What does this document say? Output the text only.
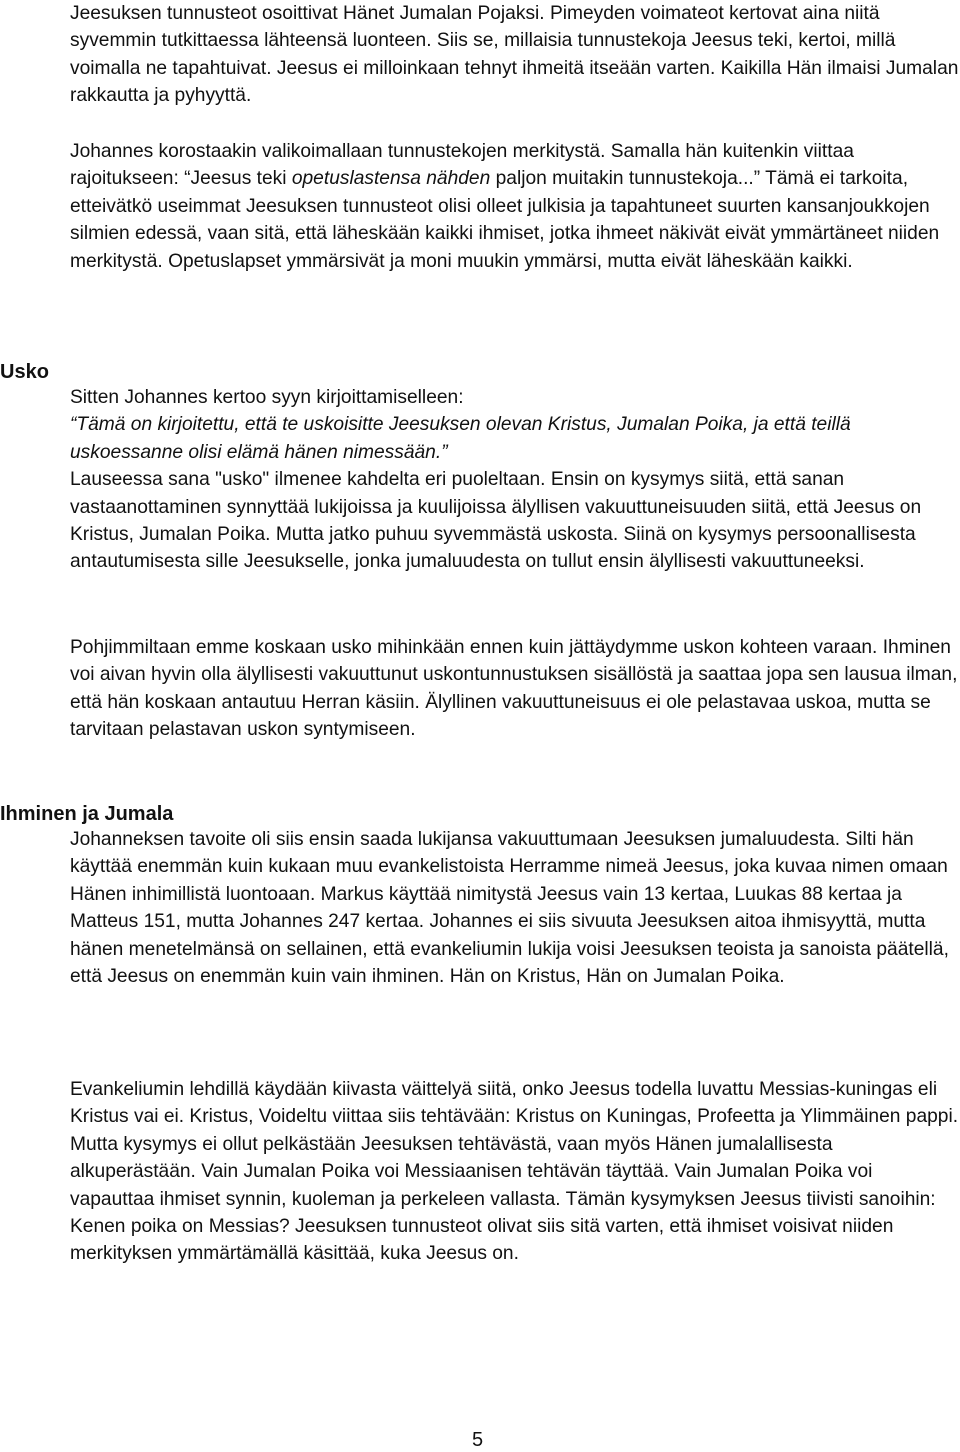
Jeesuksen tunnusteot osoittivat Hänet Jumalan Pojaksi. Pimeyden voimateot kertovat aina niitä syvemmin tutkittaessa lähteensä luonteen. Siis se, millaisia tunnustekoja Jeesus teki, kertoi, millä voimalla ne tapahtuivat. Jeesus ei milloinkaan tehnyt ihmeitä itseään varten. Kaikilla Hän ilmaisi Jumalan rakkautta ja pyhyyttä.

Johannes korostaakin valikoimallaan tunnustekojen merkitystä. Samalla hän kuitenkin viittaa rajoitukseen: “Jeesus teki opetuslastensa nähden paljon muitakin tunnustekoja...” Tämä ei tarkoita, etteivätkö useimmat Jeesuksen tunnusteot olisi olleet julkisia ja tapahtuneet suurten kansanjoukkojen silmien edessä, vaan sitä, että läheskään kaikki ihmiset, jotka ihmeet näkivät eivät ymmärtäneet niiden merkitystä. Opetuslapset ymmärsivät ja moni muukin ymmärsi, mutta eivät läheskään kaikki.

Usko

Sitten Johannes kertoo syyn kirjoittamiselleen:
“Tämä on kirjoitettu, että te uskoisitte Jeesuksen olevan Kristus, Jumalan Poika, ja että teillä uskoessanne olisi elämä hänen nimessään.”
Lauseessa sana "usko" ilmenee kahdelta eri puoleltaan. Ensin on kysymys siitä, että sanan vastaanottaminen synnyttää lukijoissa ja kuulijoissa älyllisen vakuuttuneisuuden siitä, että Jeesus on Kristus, Jumalan Poika. Mutta jatko puhuu syvemmästä uskosta. Siinä on kysymys persoonallisesta antautumisesta sille Jeesukselle, jonka jumaluudesta on tullut ensin älyllisesti vakuuttuneeksi.

Pohjimmiltaan emme koskaan usko mihinkään ennen kuin jättäydymme uskon kohteen varaan. Ihminen voi aivan hyvin olla älyllisesti vakuuttunut uskontunnustuksen sisällöstä ja saattaa jopa sen lausua ilman, että hän koskaan antautuu Herran käsiin. Älyllinen vakuuttuneisuus ei ole pelastavaa uskoa, mutta se tarvitaan pelastavan uskon syntymiseen.

Ihminen ja Jumala

Johanneksen tavoite oli siis ensin saada lukijansa vakuuttumaan Jeesuksen jumaluudesta. Silti hän käyttää enemmän kuin kukaan muu evankelistoista Herramme nimeä Jeesus, joka kuvaa nimen omaan Hänen inhimillistä luontoaan. Markus käyttää nimitystä Jeesus vain 13 kertaa, Luukas 88 kertaa ja Matteus 151, mutta Johannes 247 kertaa. Johannes ei siis sivuuta Jeesuksen aitoa ihmisyyttä, mutta hänen menetelmänsä on sellainen, että evankeliumin lukija voisi Jeesuksen teoista ja sanoista päätellä, että Jeesus on enemmän kuin vain ihminen. Hän on Kristus, Hän on Jumalan Poika.

Evankeliumin lehdillä käydään kiivasta väittelyä siitä, onko Jeesus todella luvattu Messias-kuningas eli Kristus vai ei. Kristus, Voideltu viittaa siis tehtävään: Kristus on Kuningas, Profeetta ja Ylimmäinen pappi. Mutta kysymys ei ollut pelkästään Jeesuksen tehtävästä, vaan myös Hänen jumalallisesta alkuperästään. Vain Jumalan Poika voi Messiaanisen tehtävän täyttää. Vain Jumalan Poika voi vapauttaa ihmiset synnin, kuoleman ja perkeleen vallasta. Tämän kysymyksen Jeesus tiivisti sanoihin: Kenen poika on Messias? Jeesuksen tunnusteot olivat siis sitä varten, että ihmiset voisivat niiden merkityksen ymmärtämällä käsittää, kuka Jeesus on.

5
